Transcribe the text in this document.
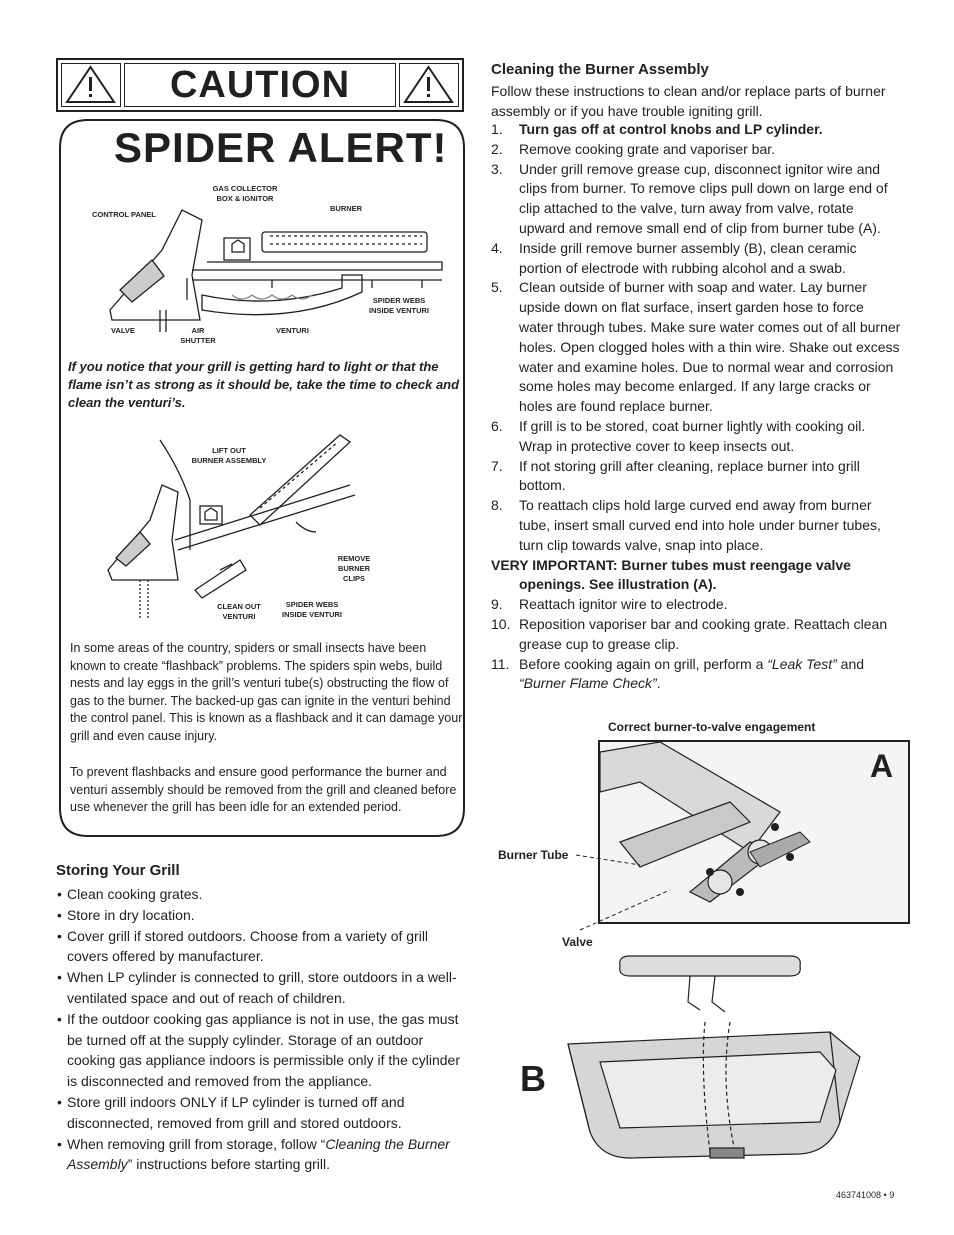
CAUTION
SPIDER ALERT!
CONTROL PANEL
GAS COLLECTOR
BOX & IGNITOR
BURNER
SPIDER WEBS
INSIDE VENTURI
VALVE	AIR
SHUTTER
VENTURI
If you notice that your grill is getting hard to light or that the flame isn’t as strong as it should be, take the time to check and clean the venturi’s.
LIFT OUT
BURNER ASSEMBLY
REMOVE
BURNER
CLIPS
CLEAN OUT
VENTURI
SPIDER WEBS
INSIDE VENTURI
In some areas of the country, spiders or small insects have been known to create “flashback” problems. The spiders spin webs, build nests and lay eggs in the grill’s venturi tube(s) obstructing the flow of gas to the burner. The backed-up gas can ignite in the venturi behind the control panel. This is known as a flashback and it can damage your grill and even cause injury.
To prevent flashbacks and ensure good performance the burner and venturi assembly should be removed from the grill and cleaned before use whenever the grill has been idle for an extended period.
Storing Your Grill
• Clean cooking grates.
• Store in dry location.
• Cover grill if stored outdoors. Choose from a variety of grill covers offered by manufacturer.
• When LP cylinder is connected to grill, store outdoors in a well-ventilated space and out of reach of children.
• If the outdoor cooking gas appliance is not in use, the gas must be turned off at the supply cylinder. Storage of an outdoor cooking gas appliance indoors is permissible only if the cylinder is disconnected and removed from the appliance.
• Store grill indoors ONLY if LP cylinder is turned off and disconnected, removed from grill and stored outdoors.
• When removing grill from storage, follow “Cleaning the Burner Assembly” instructions before starting grill.
Cleaning the Burner Assembly
Follow these instructions to clean and/or replace parts of burner assembly or if you have trouble igniting grill.
1. Turn gas off at control knobs and LP cylinder.
2. Remove cooking grate and vaporiser bar.
3. Under grill remove grease cup, disconnect ignitor wire and clips from burner. To remove clips pull down on large end of clip attached to the valve, turn away from valve, rotate upward and remove small end of clip from burner tube (A).
4. Inside grill remove burner assembly (B), clean ceramic portion of electrode with rubbing alcohol and a swab.
5. Clean outside of burner with soap and water. Lay burner upside down on flat surface, insert garden hose to force water through tubes. Make sure water comes out of all burner holes. Open clogged holes with a thin wire. Shake out excess water and examine holes. Due to normal wear and corrosion some holes may become enlarged. If any large cracks or holes are found replace burner.
6. If grill is to be stored, coat burner lightly with cooking oil. Wrap in protective cover to keep insects out.
7. If not storing grill after cleaning, replace burner into grill bottom.
8. To reattach clips hold large curved end away from burner tube, insert small curved end into hole under burner tubes, turn clip towards valve, snap into place.
VERY IMPORTANT: Burner tubes must reengage valve openings. See illustration (A).
9. Reattach ignitor wire to electrode.
10. Reposition vaporiser bar and cooking grate. Reattach clean grease cup to grease clip.
11. Before cooking again on grill, perform a “Leak Test” and “Burner Flame Check”.
Correct burner-to-valve engagement
A
Burner Tube
Valve
B
463741008 • 9
